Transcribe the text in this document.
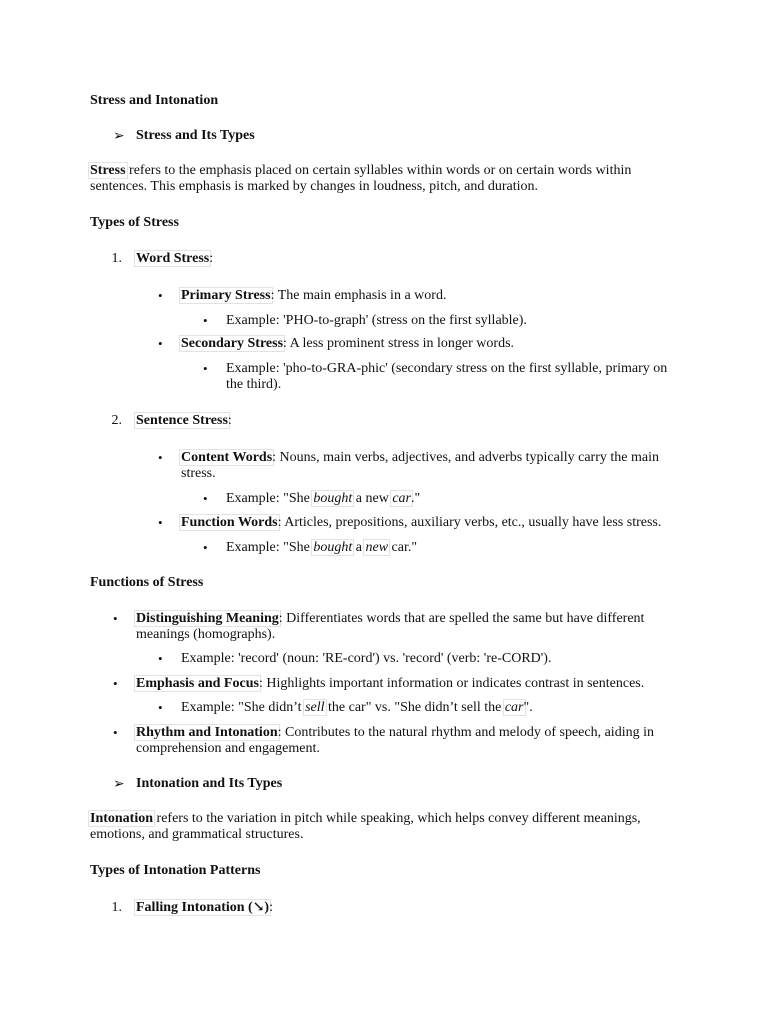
Stress and Intonation
➢ Stress and Its Types
Stress refers to the emphasis placed on certain syllables within words or on certain words within
sentences. This emphasis is marked by changes in loudness, pitch, and duration.
Types of Stress
1. Word Stress:
• Primary Stress: The main emphasis in a word.
• Example: 'PHO-to-graph' (stress on the first syllable).
• Secondary Stress: A less prominent stress in longer words.
• Example: 'pho-to-GRA-phic' (secondary stress on the first syllable, primary on
the third).
2. Sentence Stress:
• Content Words: Nouns, main verbs, adjectives, and adverbs typically carry the main
stress.
• Example: "She bought a new car."
• Function Words: Articles, prepositions, auxiliary verbs, etc., usually have less stress.
• Example: "She bought a new car."
Functions of Stress
• Distinguishing Meaning: Differentiates words that are spelled the same but have different
meanings (homographs).
• Example: 'record' (noun: 'RE-cord') vs. 'record' (verb: 're-CORD').
• Emphasis and Focus: Highlights important information or indicates contrast in sentences.
• Example: "She didn’t sell the car" vs. "She didn’t sell the car".
• Rhythm and Intonation: Contributes to the natural rhythm and melody of speech, aiding in
comprehension and engagement.
➢ Intonation and Its Types
Intonation refers to the variation in pitch while speaking, which helps convey different meanings,
emotions, and grammatical structures.
Types of Intonation Patterns
1. Falling Intonation (↘):
